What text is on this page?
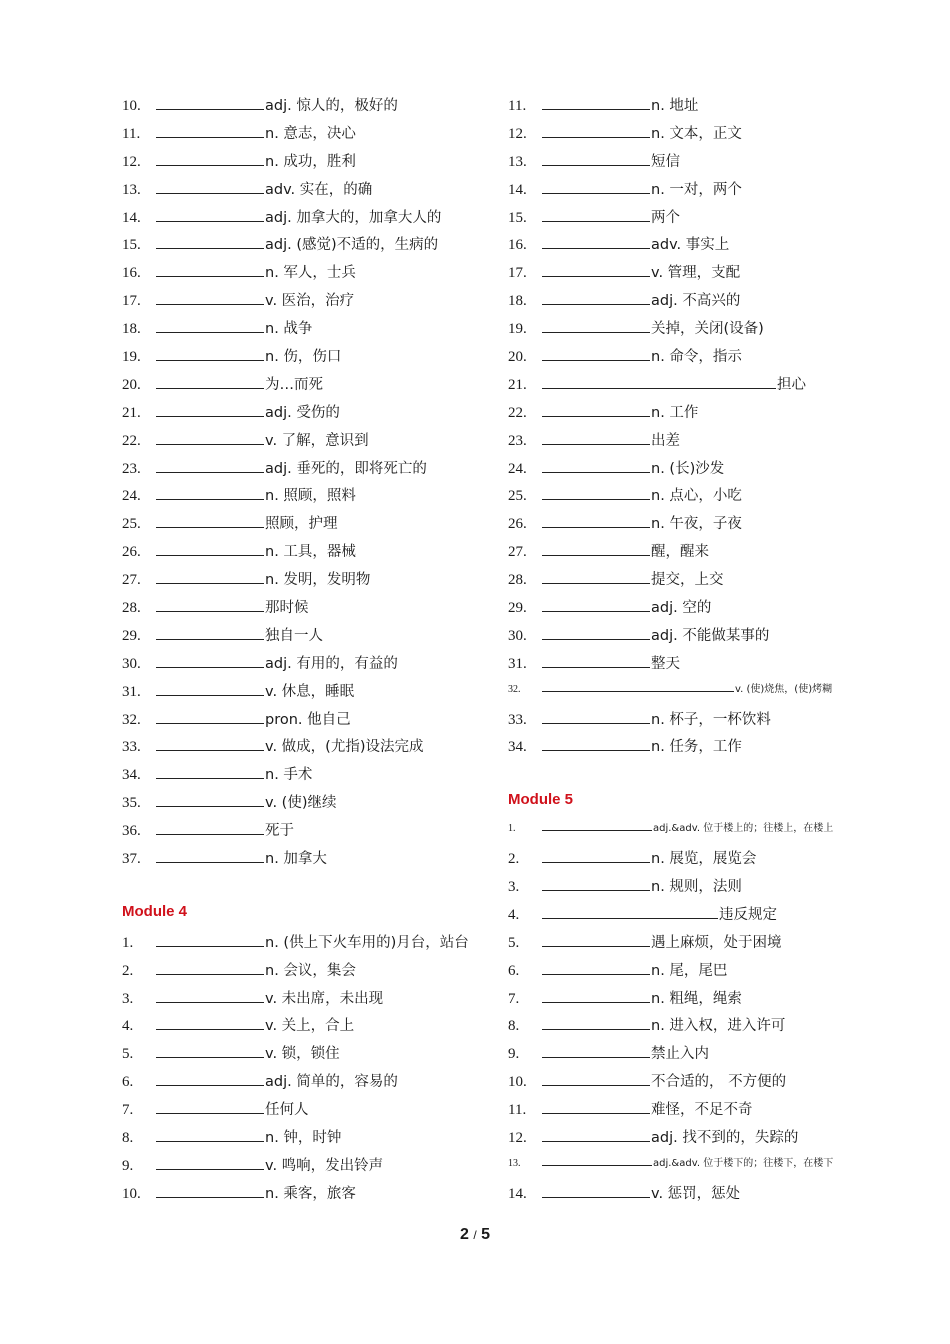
10.	adj. 惊人的，极好的
11.	n. 意志，决心
12.	n. 成功，胜利
13.	adv. 实在，的确
14.	adj. 加拿大的，加拿大人的
15.	adj. (感觉)不适的，生病的
16.	n. 军人，士兵
17.	v. 医治，治疗
18.	n. 战争
19.	n. 伤，伤口
20.	为…而死
21.	adj. 受伤的
22.	v. 了解，意识到
23.	adj. 垂死的，即将死亡的
24.	n. 照顾，照料
25.	照顾，护理
26.	n. 工具，器械
27.	n. 发明，发明物
28.	那时候
29.	独自一人
30.	adj. 有用的，有益的
31.	v. 休息，睡眠
32.	pron. 他自己
33.	v. 做成，(尤指)设法完成
34.	n. 手术
35.	v. (使)继续
36.	死于
37.	n. 加拿大
Module 4
1.	n. (供上下火车用的)月台，站台
2.	n. 会议，集会
3.	v. 未出席，未出现
4.	v. 关上，合上
5.	v. 锁，锁住
6.	adj. 简单的，容易的
7.	任何人
8.	n. 钟，时钟
9.	v. 鸣响，发出铃声
10.	n. 乘客，旅客
11.	n. 地址
12.	n. 文本，正文
13.	短信
14.	n. 一对，两个
15.	两个
16.	adv. 事实上
17.	v. 管理，支配
18.	adj. 不高兴的
19.	关掉，关闭(设备)
20.	n. 命令，指示
21.	担心
22.	n. 工作
23.	出差
24.	n. (长)沙发
25.	n. 点心，小吃
26.	n. 午夜，子夜
27.	醒，醒来
28.	提交，上交
29.	adj. 空的
30.	adj. 不能做某事的
31.	整天
32.	v. (使)烧焦，(使)烤糊
33.	n. 杯子，一杯饮料
34.	n. 任务，工作
Module 5
1.	adj.&adv. 位于楼上的；往楼上，在楼上
2.	n. 展览，展览会
3.	n. 规则，法则
4.	违反规定
5.	遇上麻烦，处于困境
6.	n. 尾，尾巴
7.	n. 粗绳，绳索
8.	n. 进入权，进入许可
9.	禁止入内
10.	不合适的， 不方便的
11.	难怪，不足不奇
12.	adj. 找不到的，失踪的
13.	adj.&adv. 位于楼下的；往楼下，在楼下
14.	v. 惩罚，惩处
2 / 5
